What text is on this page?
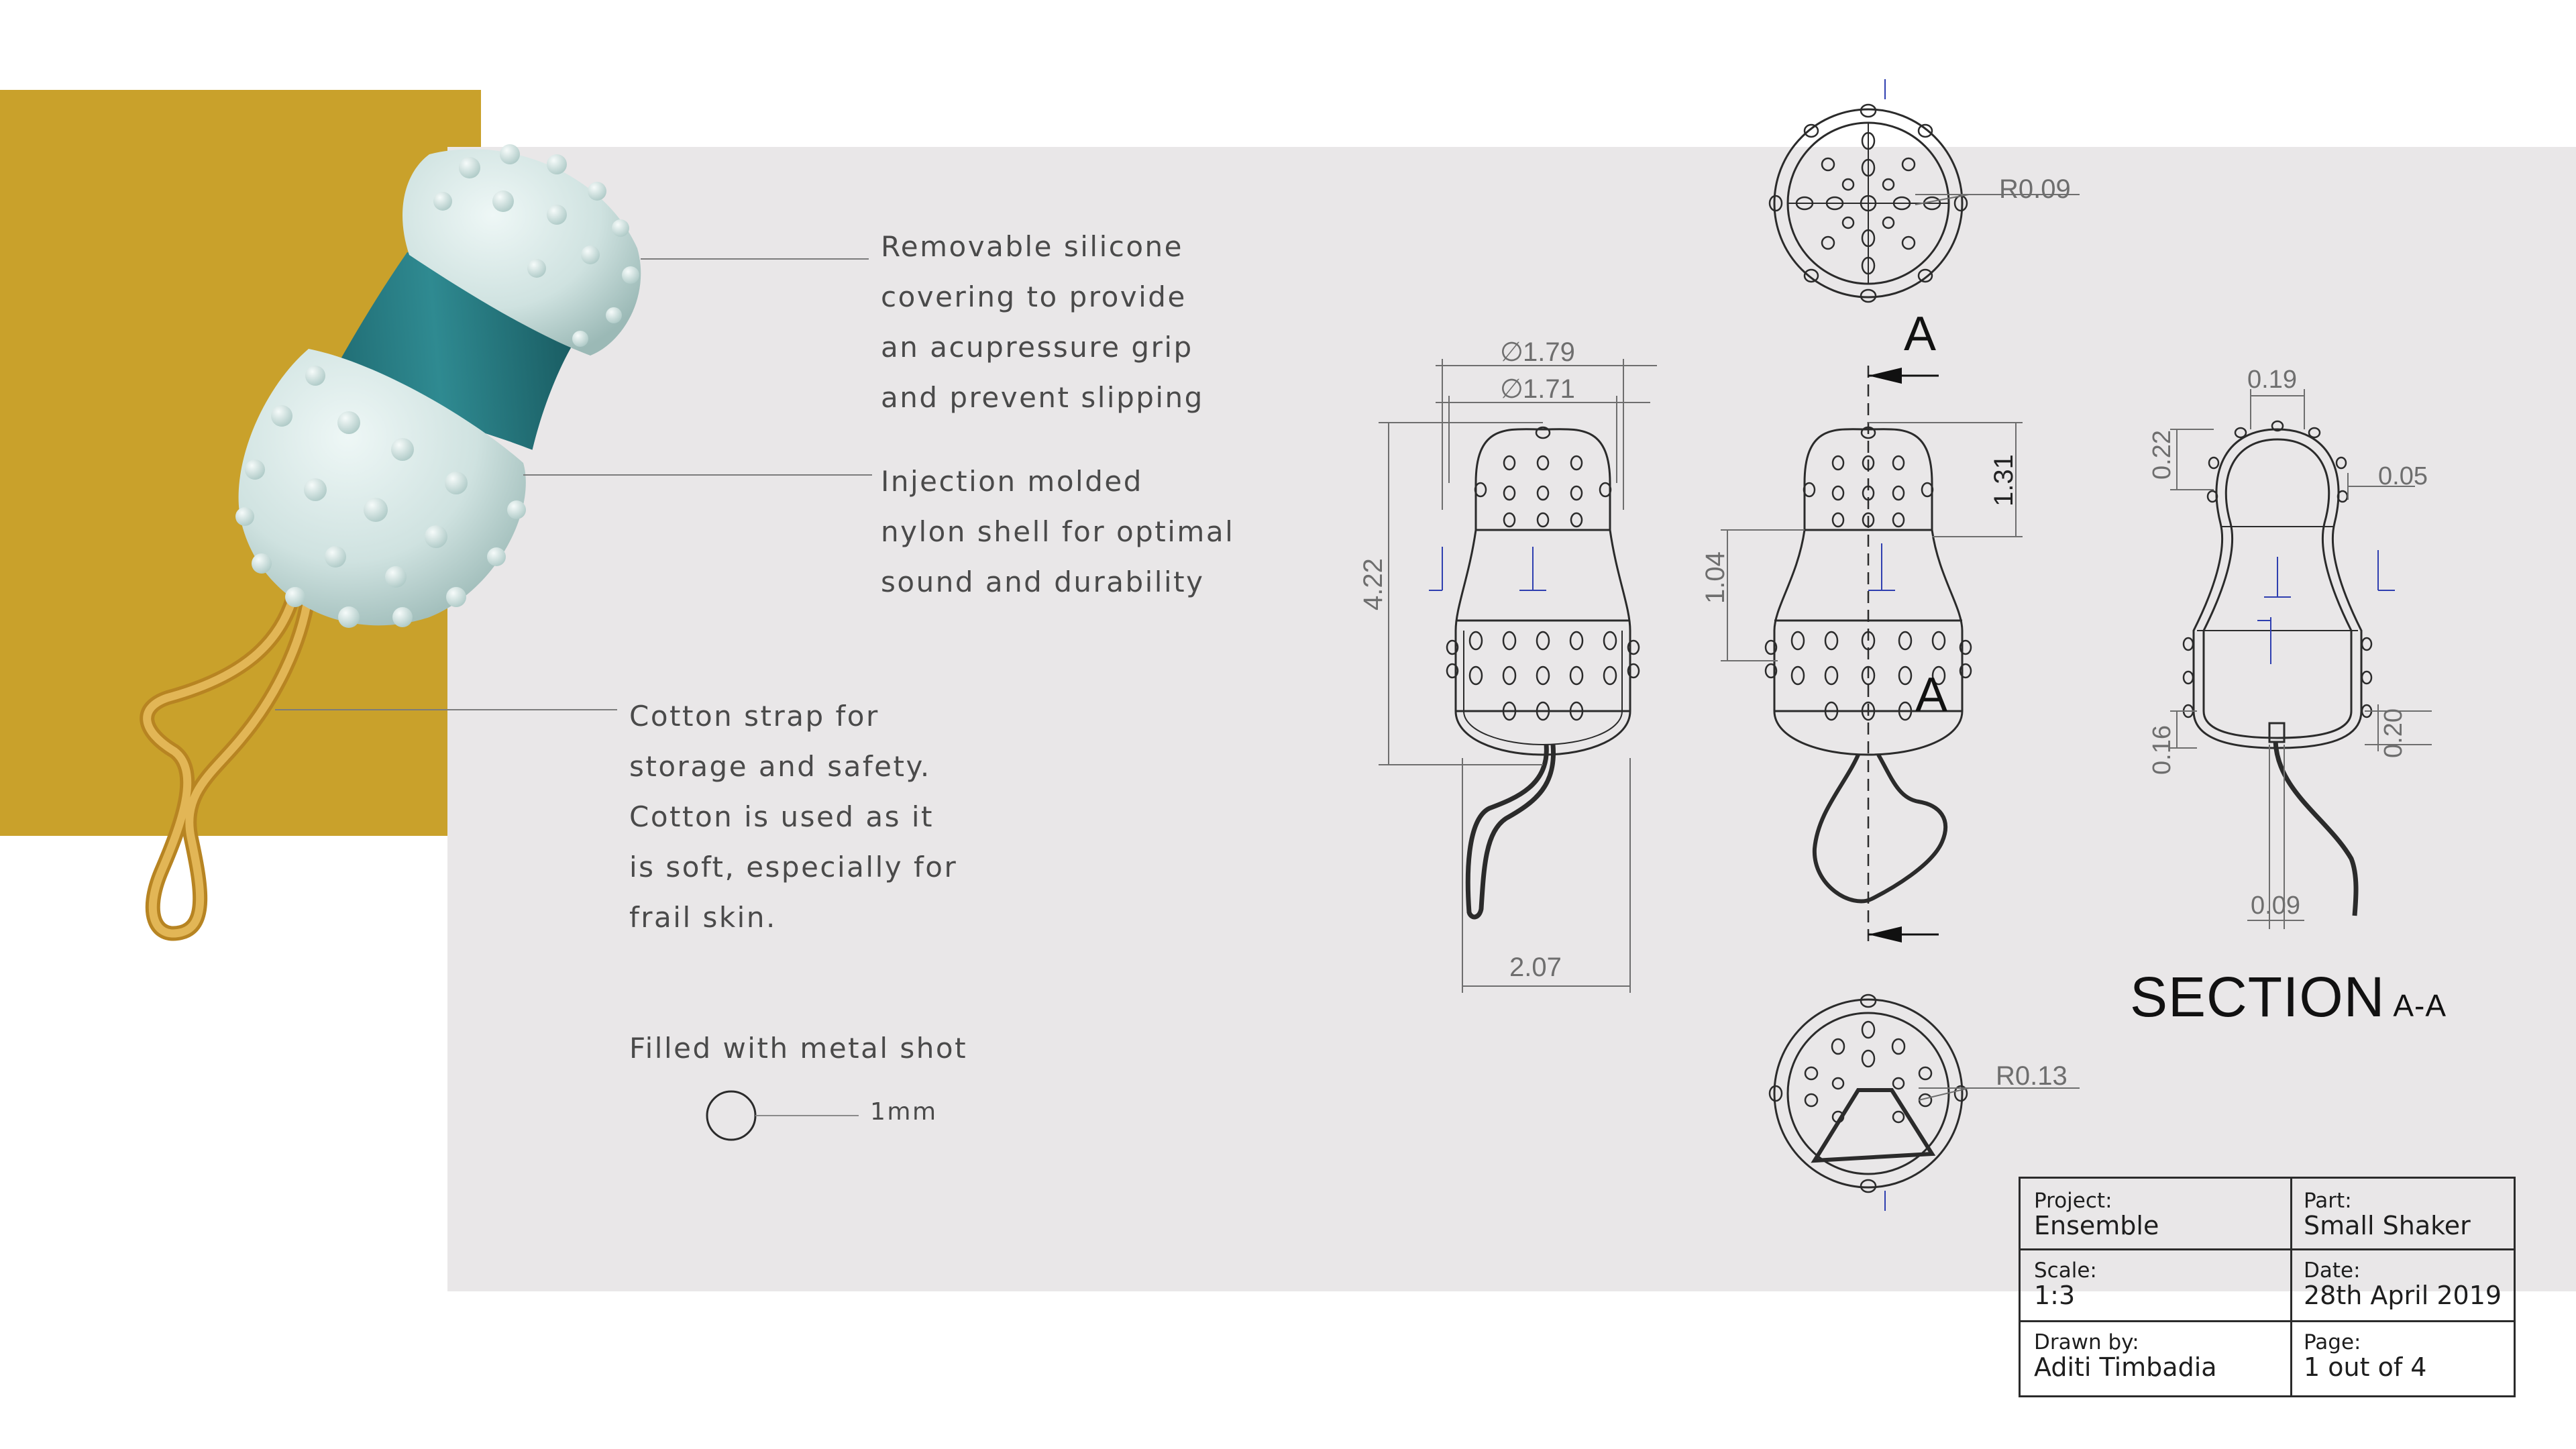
Removable silicone
covering to provide
an acupressure grip
and prevent slipping

Injection molded
nylon shell for optimal
sound and durability

Cotton strap for
storage and safety.
Cotton is used as it
is soft, especially for
frail skin.

Filled with metal shot

1mm
∅ 1.79
∅ 1.71
2.07
R0.09
R0.13
0.19
0.05
0.09
4.22	1.04
1.31	0.22
0.20
0.16
A
A
SECTION A-A
Project:
Ensemble
Part:
Small Shaker
Scale:
1:3
Date:
28th April 2019
Drawn by:
Aditi Timbadia
Page:
1 out of 4
